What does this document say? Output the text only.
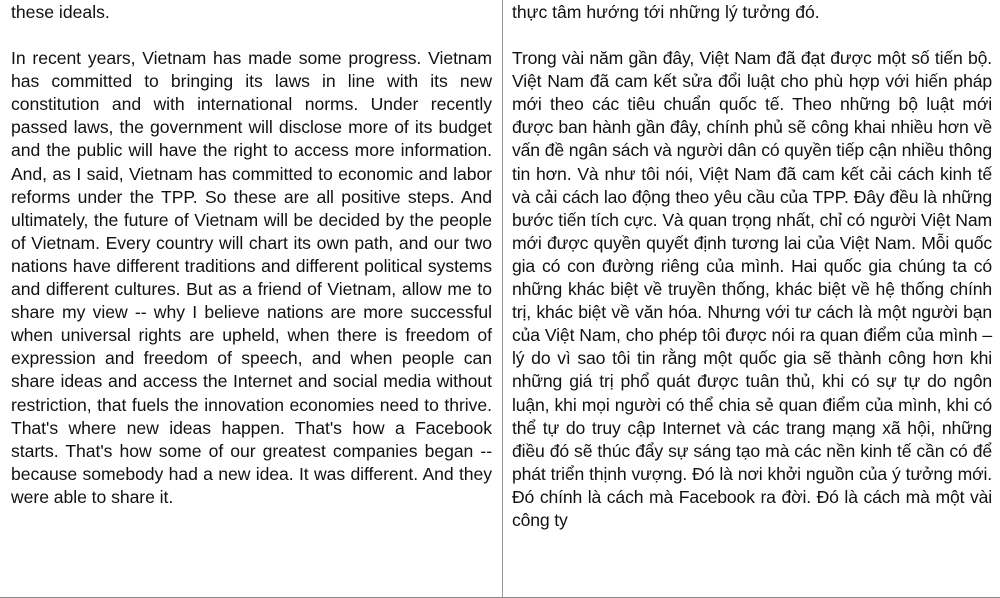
these ideals.

In recent years, Vietnam has made some progress. Vietnam has committed to bringing its laws in line with its new constitution and with international norms. Under recently passed laws, the government will disclose more of its budget and the public will have the right to access more information. And, as I said, Vietnam has committed to economic and labor reforms under the TPP. So these are all positive steps. And ultimately, the future of Vietnam will be decided by the people of Vietnam. Every country will chart its own path, and our two nations have different traditions and different political systems and different cultures. But as a friend of Vietnam, allow me to share my view -- why I believe nations are more successful when universal rights are upheld, when there is freedom of expression and freedom of speech, and when people can share ideas and access the Internet and social media without restriction, that fuels the innovation economies need to thrive. That's where new ideas happen. That's how a Facebook starts. That's how some of our greatest companies began -- because somebody had a new idea. It was different. And they were able to share it.

thực tâm hướng tới những lý tưởng đó.

Trong vài năm gần đây, Việt Nam đã đạt được một số tiến bộ. Việt Nam đã cam kết sửa đổi luật cho phù hợp với hiến pháp mới theo các tiêu chuẩn quốc tế. Theo những bộ luật mới được ban hành gần đây, chính phủ sẽ công khai nhiều hơn về vấn đề ngân sách và người dân có quyền tiếp cận nhiều thông tin hơn. Và như tôi nói, Việt Nam đã cam kết cải cách kinh tế và cải cách lao động theo yêu cầu của TPP. Đây đều là những bước tiến tích cực. Và quan trọng nhất, chỉ có người Việt Nam mới được quyền quyết định tương lai của Việt Nam. Mỗi quốc gia có con đường riêng của mình. Hai quốc gia chúng ta có những khác biệt về truyền thống, khác biệt về hệ thống chính trị, khác biệt về văn hóa. Nhưng với tư cách là một người bạn của Việt Nam, cho phép tôi được nói ra quan điểm của mình – lý do vì sao tôi tin rằng một quốc gia sẽ thành công hơn khi những giá trị phổ quát được tuân thủ, khi có sự tự do ngôn luận, khi mọi người có thể chia sẻ quan điểm của mình, khi có thể tự do truy cập Internet và các trang mạng xã hội, những điều đó sẽ thúc đẩy sự sáng tạo mà các nền kinh tế cần có để phát triển thịnh vượng. Đó là nơi khởi nguồn của ý tưởng mới. Đó chính là cách mà Facebook ra đời. Đó là cách mà một vài công ty
